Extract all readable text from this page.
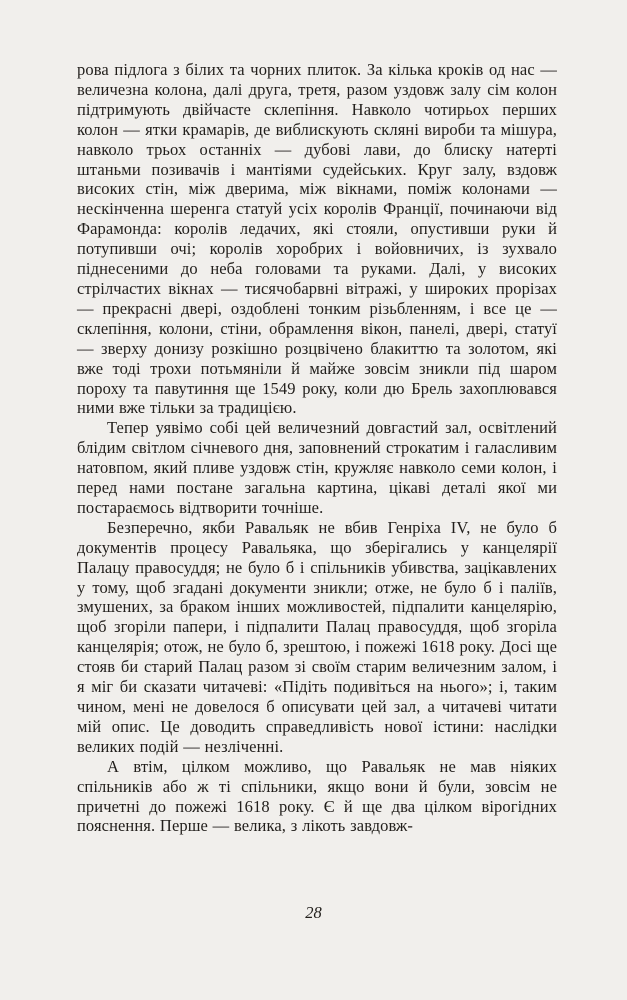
рова підлога з білих та чорних плиток. За кілька кроків од нас — величезна колона, далі друга, третя, разом уздовж залу сім колон підтримують двійчасте склепіння. Навколо чотирьох перших колон — ятки крамарів, де виблискують скляні вироби та мішура, навколо трьох останніх — дубові лави, до блиску натерті штаньми позивачів і мантіями судейських. Круг залу, вздовж високих стін, між дверима, між вікнами, поміж колонами — нескінченна шеренга статуй усіх королів Франції, починаючи від Фарамонда: королів ледачих, які стояли, опустивши руки й потупивши очі; королів хоробрих і войовничих, із зухвало піднесеними до неба головами та руками. Далі, у високих стрілчастих вікнах — тисячобарвні вітражі, у широких прорізах — прекрасні двері, оздоблені тонким різьбленням, і все це — склепіння, колони, стіни, обрамлення вікон, панелі, двері, статуї — зверху донизу розкішно розцвічено блакиттю та золотом, які вже тоді трохи потьмяніли й майже зовсім зникли під шаром пороху та павутиння ще 1549 року, коли дю Брель захоплювався ними вже тільки за традицією.

Тепер уявімо собі цей величезний довгастий зал, освітлений блідим світлом січневого дня, заповнений строкатим і галасливим натовпом, який пливе уздовж стін, кружляє навколо семи колон, і перед нами постане загальна картина, цікаві деталі якої ми постараємось відтворити точніше.

Безперечно, якби Равальяк не вбив Генріха IV, не було б документів процесу Равальяка, що зберігались у канцелярії Палацу правосуддя; не було б і спільників убивства, зацікавлених у тому, щоб згадані документи зникли; отже, не було б і паліїв, змушених, за браком інших можливостей, підпалити канцелярію, щоб згоріли папери, і підпалити Палац правосуддя, щоб згоріла канцелярія; отож, не було б, зрештою, і пожежі 1618 року. Досі ще стояв би старий Палац разом зі своїм старим величезним залом, і я міг би сказати читачеві: «Підіть подивіться на нього»; і, таким чином, мені не довелося б описувати цей зал, а читачеві читати мій опис. Це доводить справедливість нової істини: наслідки великих подій — незліченні.

А втім, цілком можливо, що Равальяк не мав ніяких спільників або ж ті спільники, якщо вони й були, зовсім не причетні до пожежі 1618 року. Є й ще два цілком вірогідних пояснення. Перше — велика, з лікоть завдовж-

28
